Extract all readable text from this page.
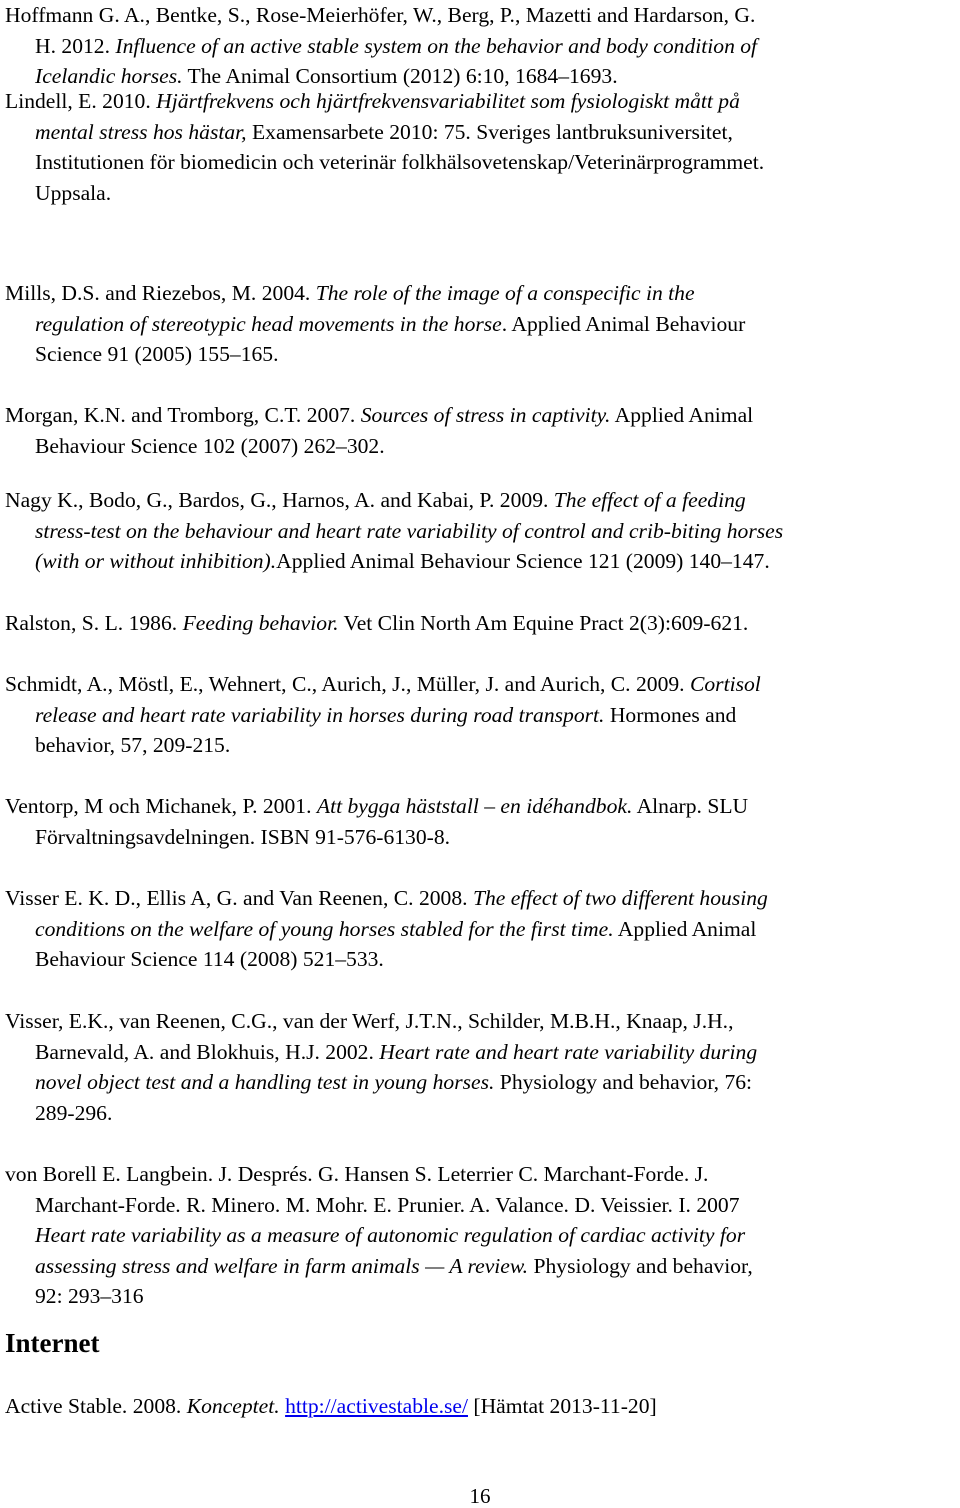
Hoffmann G. A., Bentke, S., Rose-Meierhöfer, W., Berg, P., Mazetti and Hardarson, G.
H. 2012. Influence of an active stable system on the behavior and body condition of
Icelandic horses. The Animal Consortium (2012) 6:10, 1684–1693.
Lindell, E. 2010. Hjärtfrekvens och hjärtfrekvensvariabilitet som fysiologiskt mått på
mental stress hos hästar, Examensarbete 2010: 75. Sveriges lantbruksuniversitet,
Institutionen för biomedicin och veterinär folkhälsovetenskap/Veterinärprogrammet.
Uppsala.
Mills, D.S. and Riezebos, M. 2004. The role of the image of a conspecific in the
regulation of stereotypic head movements in the horse. Applied Animal Behaviour
Science 91 (2005) 155–165.
Morgan, K.N. and Tromborg, C.T. 2007. Sources of stress in captivity. Applied Animal
Behaviour Science 102 (2007) 262–302.
Nagy K., Bodo, G., Bardos, G., Harnos, A. and Kabai, P. 2009. The effect of a feeding
stress-test on the behaviour and heart rate variability of control and crib-biting horses
(with or without inhibition).Applied Animal Behaviour Science 121 (2009) 140–147.
Ralston, S. L. 1986. Feeding behavior. Vet Clin North Am Equine Pract 2(3):609-621.
Schmidt, A., Möstl, E., Wehnert, C., Aurich, J., Müller, J. and Aurich, C. 2009. Cortisol
release and heart rate variability in horses during road transport. Hormones and
behavior, 57, 209-215.
Ventorp, M och Michanek, P. 2001. Att bygga häststall – en idéhandbok. Alnarp. SLU
Förvaltningsavdelningen. ISBN 91-576-6130-8.
Visser E. K. D., Ellis A, G. and Van Reenen, C. 2008. The effect of two different housing
conditions on the welfare of young horses stabled for the first time. Applied Animal
Behaviour Science 114 (2008) 521–533.
Visser, E.K., van Reenen, C.G., van der Werf, J.T.N., Schilder, M.B.H., Knaap, J.H.,
Barnevald, A. and Blokhuis, H.J. 2002. Heart rate and heart rate variability during
novel object test and a handling test in young horses. Physiology and behavior, 76:
289-296.
von Borell E. Langbein. J. Després. G. Hansen S. Leterrier C. Marchant-Forde. J.
Marchant-Forde. R. Minero. M. Mohr. E. Prunier. A. Valance. D. Veissier. I. 2007
Heart rate variability as a measure of autonomic regulation of cardiac activity for
assessing stress and welfare in farm animals — A review. Physiology and behavior,
92: 293–316
Internet
Active Stable. 2008. Konceptet. http://activestable.se/ [Hämtat 2013-11-20]
16
